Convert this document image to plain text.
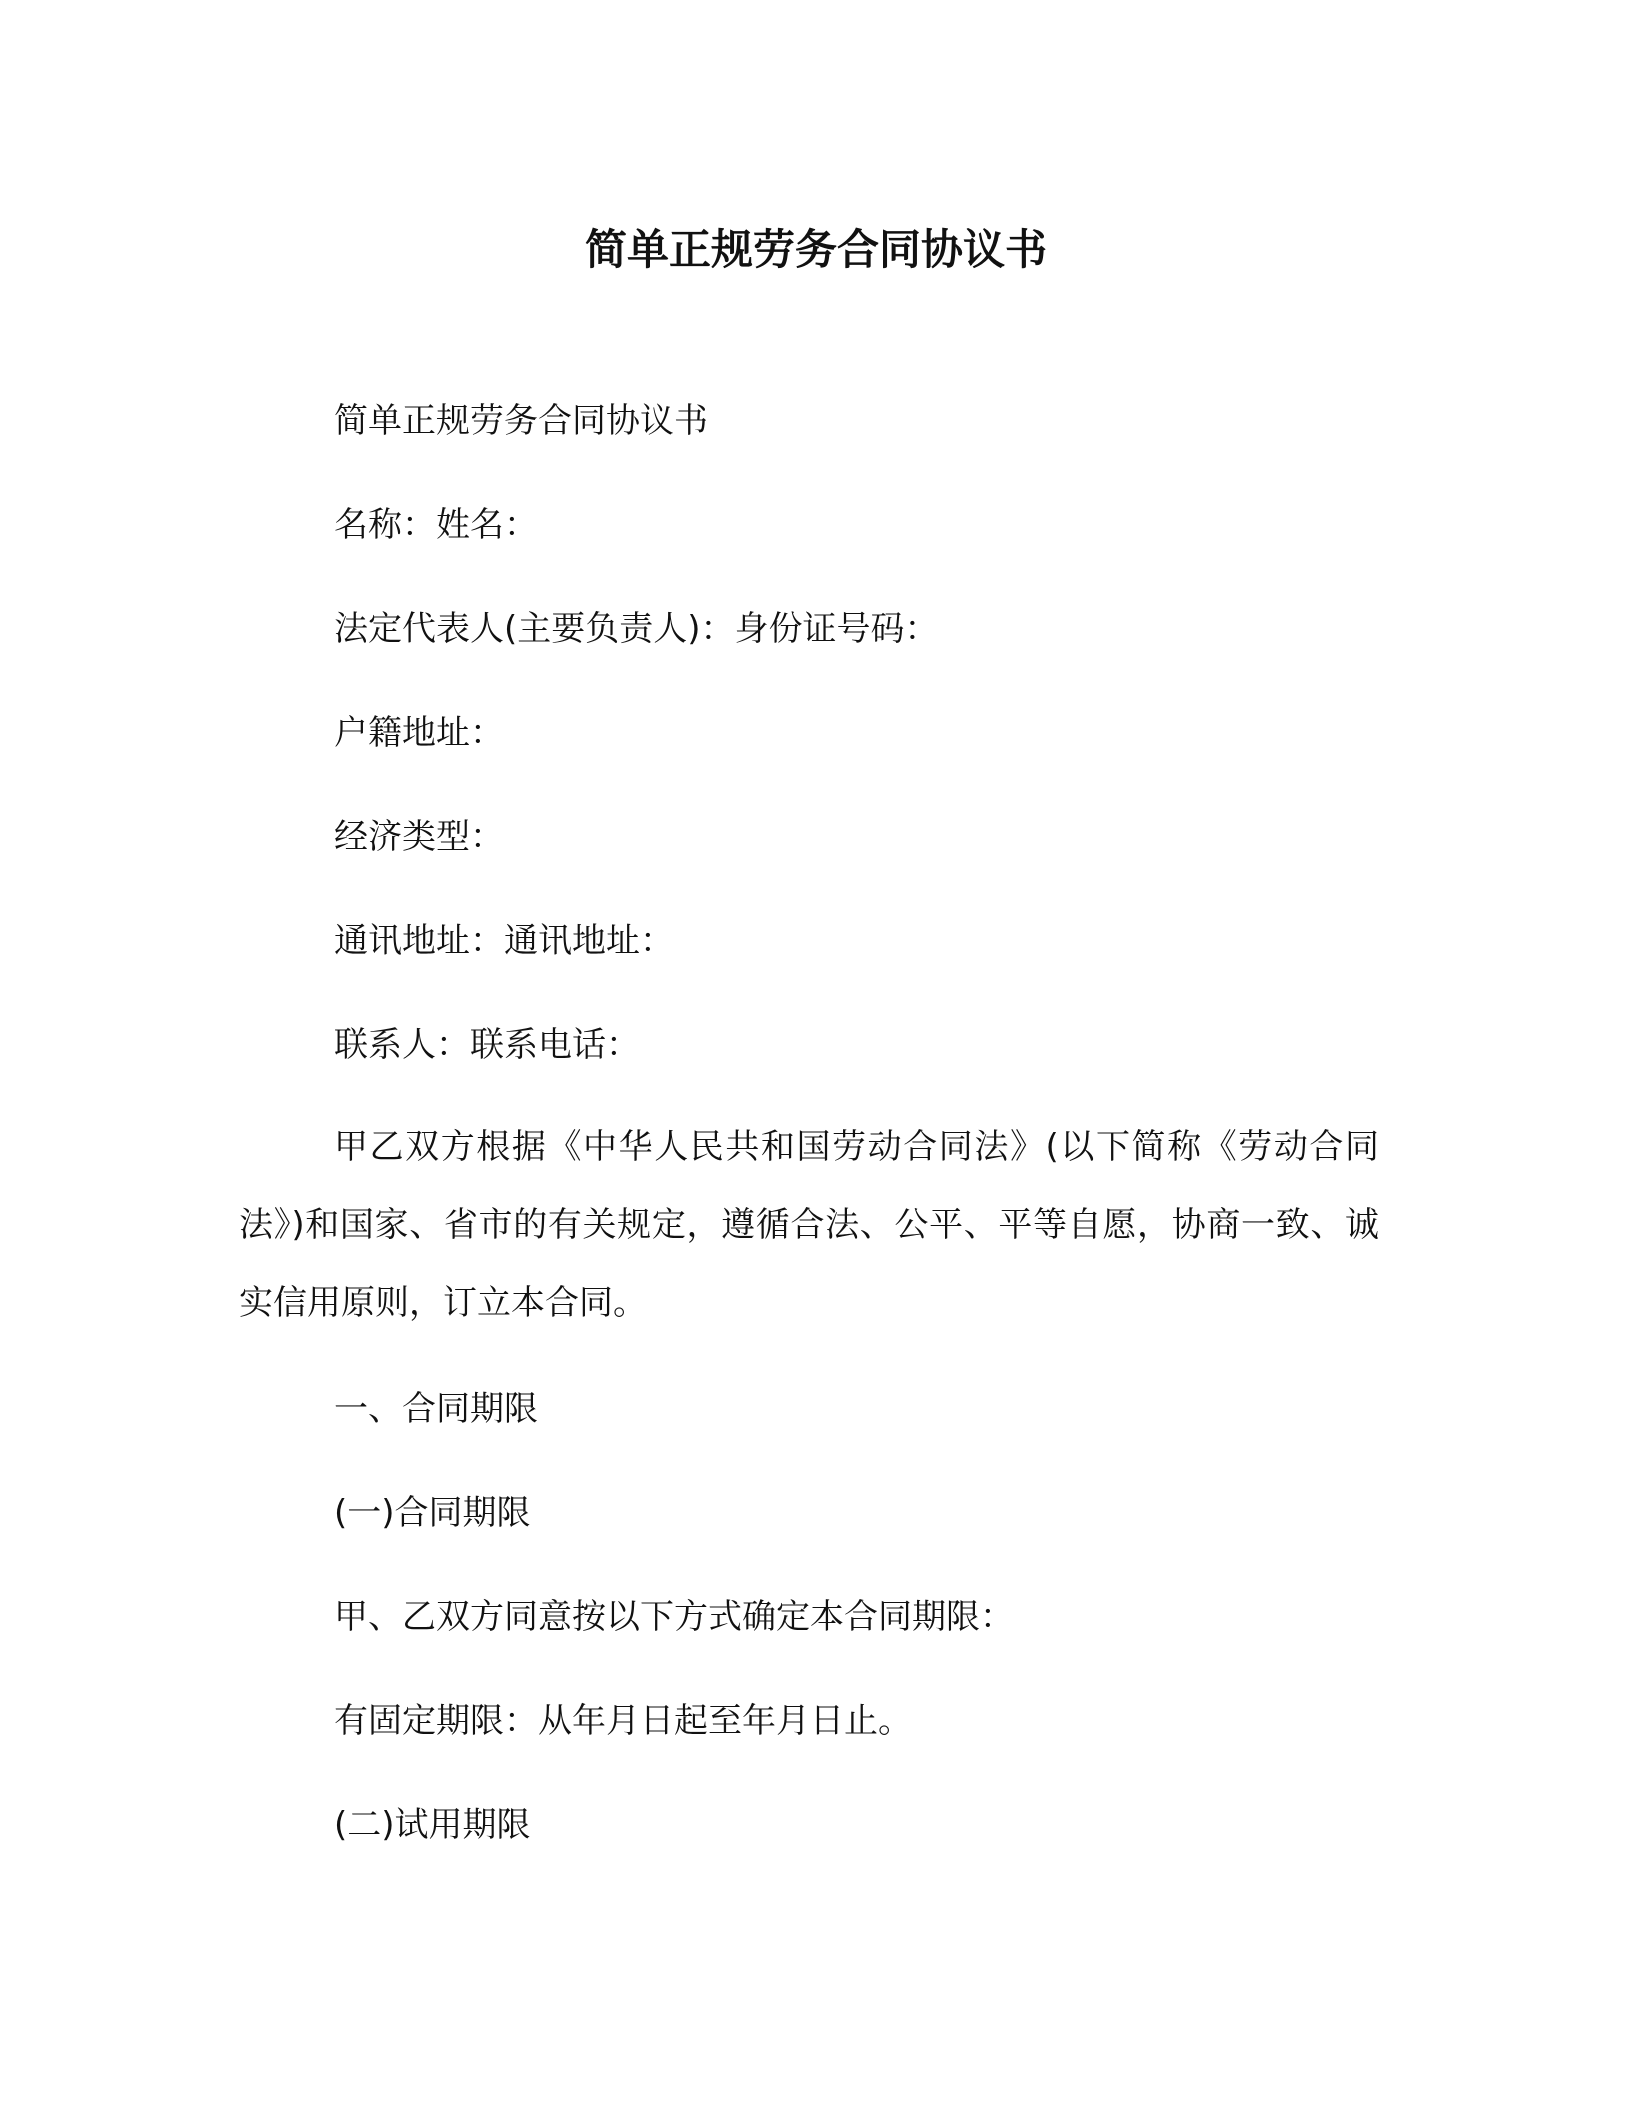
简单正规劳务合同协议书
简单正规劳务合同协议书
名称：姓名：
法定代表人(主要负责人)：身份证号码：
户籍地址：
经济类型：
通讯地址：通讯地址：
联系人：联系电话：
甲乙双方根据《中华人民共和国劳动合同法》(以下简称《劳动合同法》)和国家、省市的有关规定，遵循合法、公平、平等自愿，协商一致、诚实信用原则，订立本合同。
一、合同期限
(一)合同期限
甲、乙双方同意按以下方式确定本合同期限：
有固定期限：从年月日起至年月日止。
(二)试用期限
